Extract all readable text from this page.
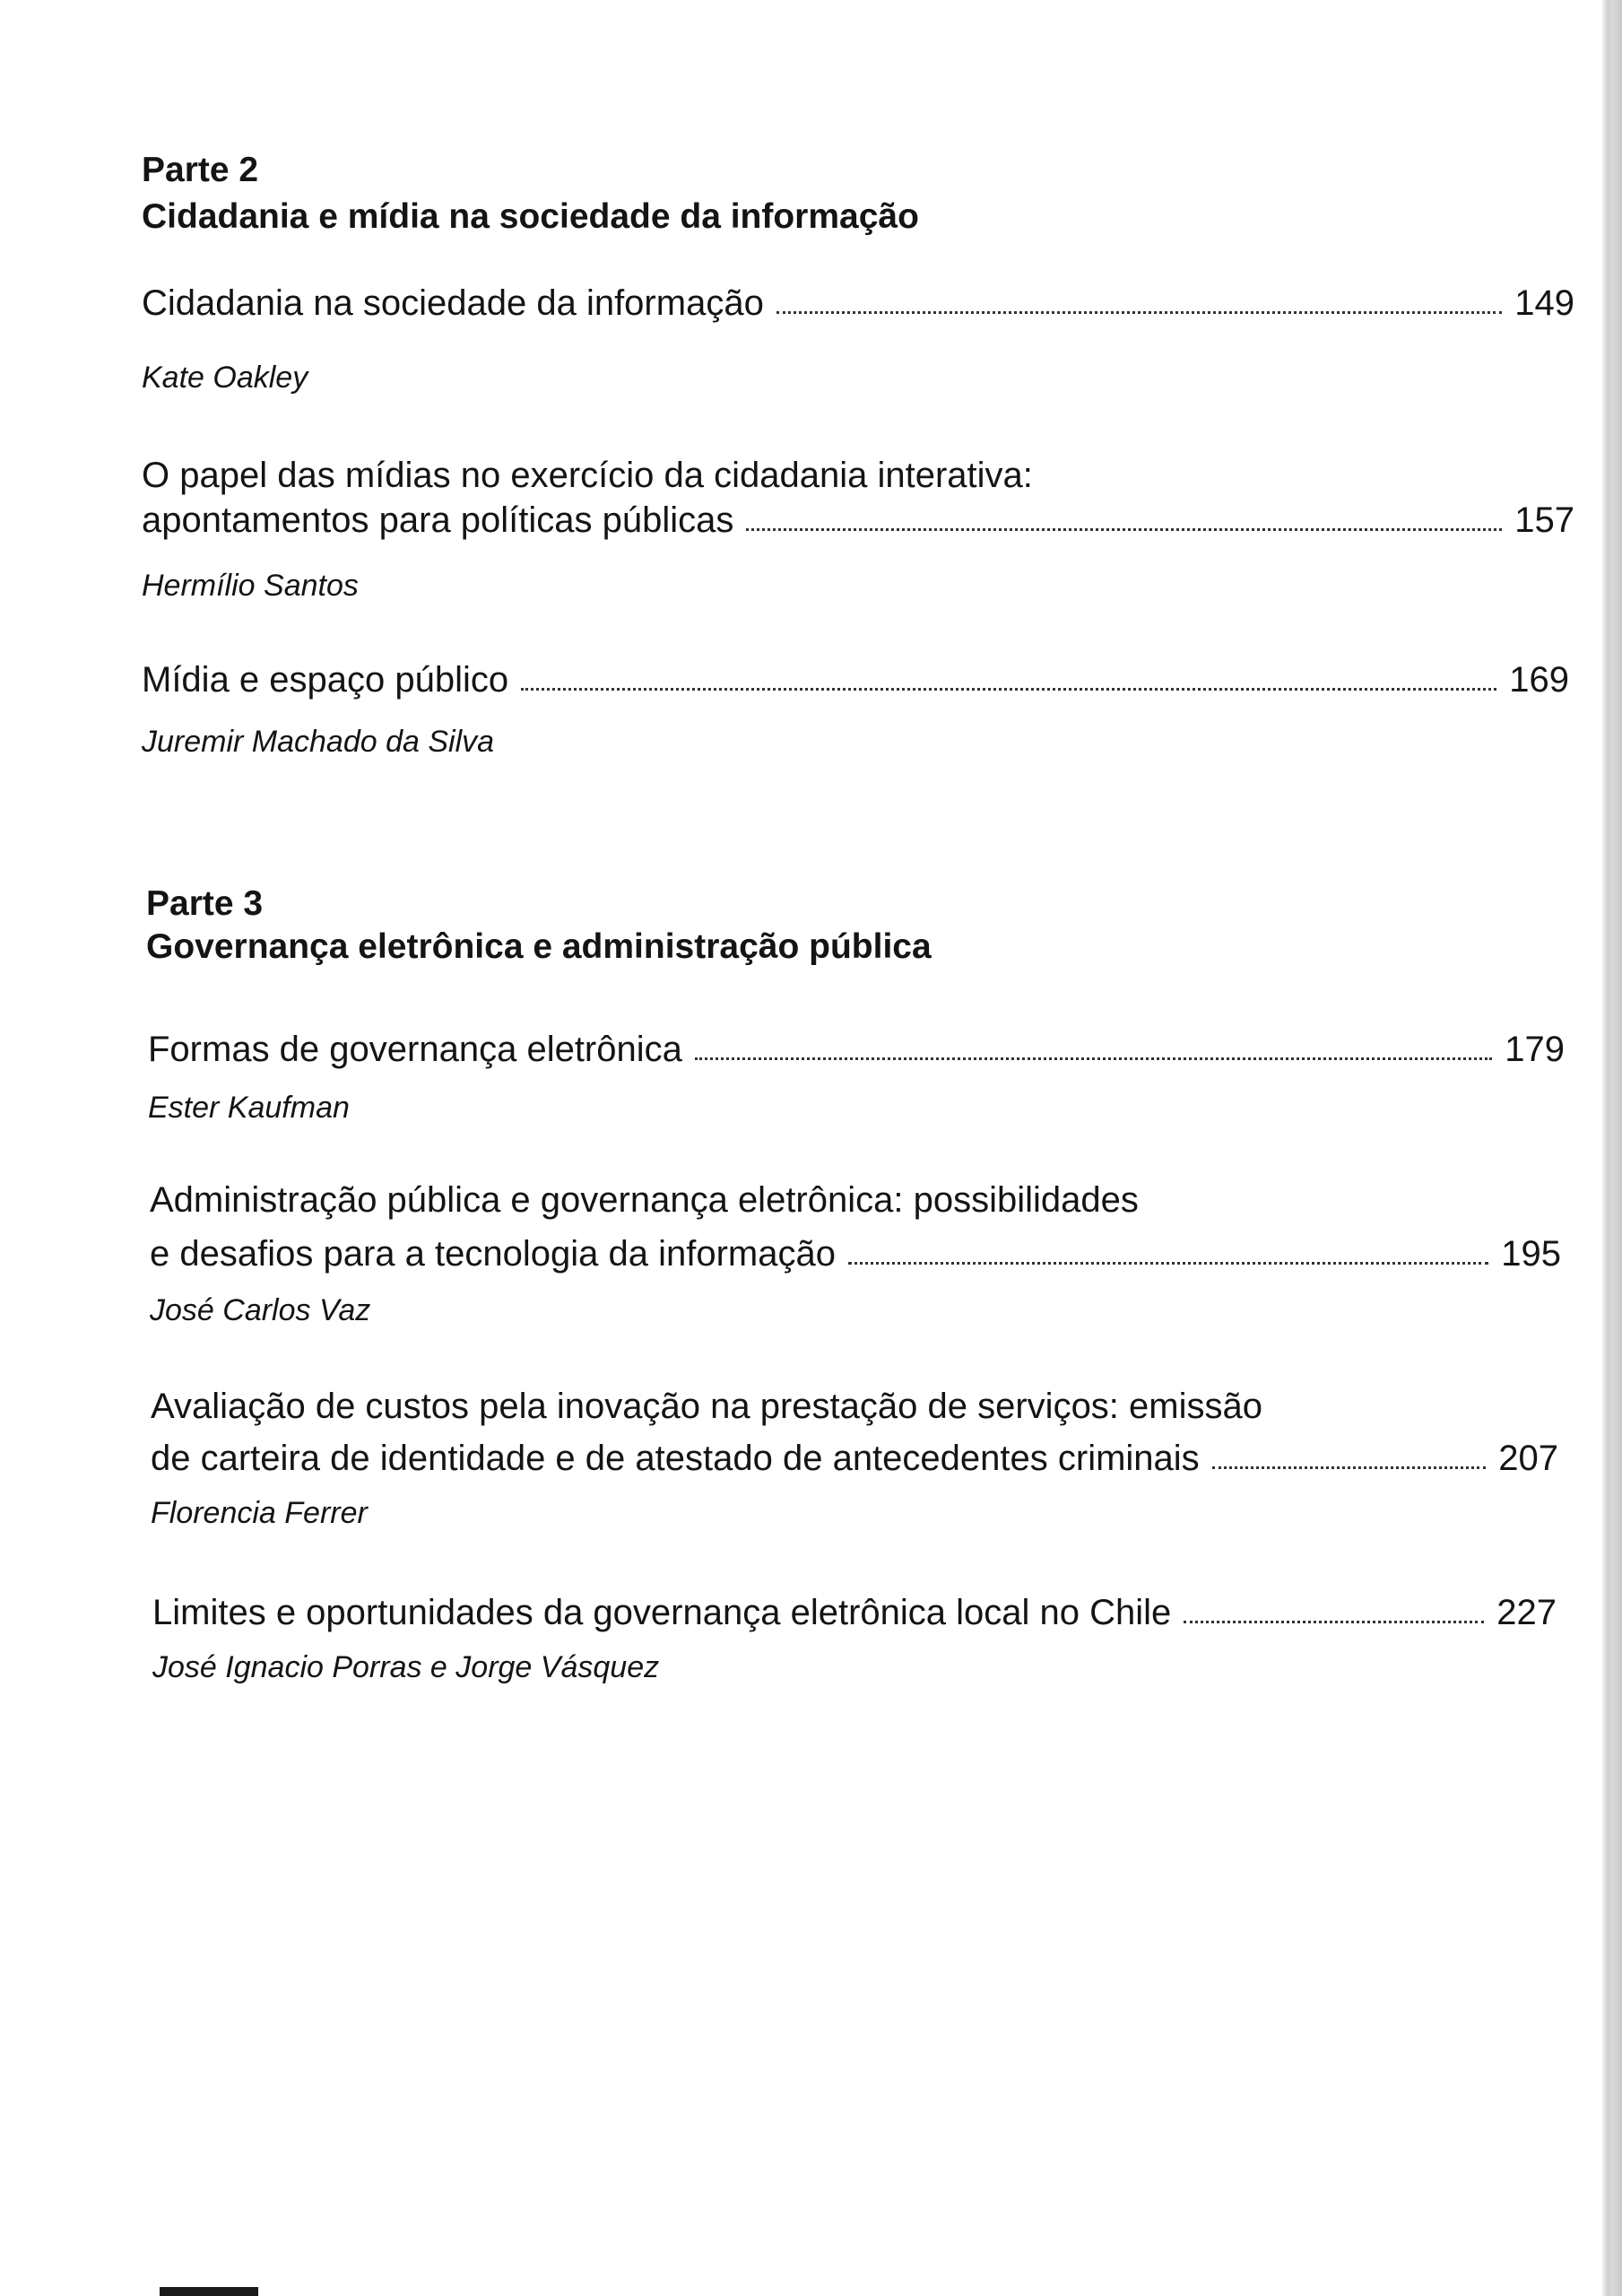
Parte 2
Cidadania e mídia na sociedade da informação
Cidadania na sociedade da informação	149
Kate Oakley
O papel das mídias no exercício da cidadania interativa:
apontamentos para políticas públicas	157
Hermílio Santos
Mídia e espaço público	169
Juremir Machado da Silva
Parte 3
Governança eletrônica e administração pública
Formas de governança eletrônica	179
Ester Kaufman
Administração pública e governança eletrônica: possibilidades
e desafios para a tecnologia da informação	195
José Carlos Vaz
Avaliação de custos pela inovação na prestação de serviços: emissão
de carteira de identidade e de atestado de antecedentes criminais	207
Florencia Ferrer
Limites e oportunidades da governança eletrônica local no Chile	227
José Ignacio Porras e Jorge Vásquez
